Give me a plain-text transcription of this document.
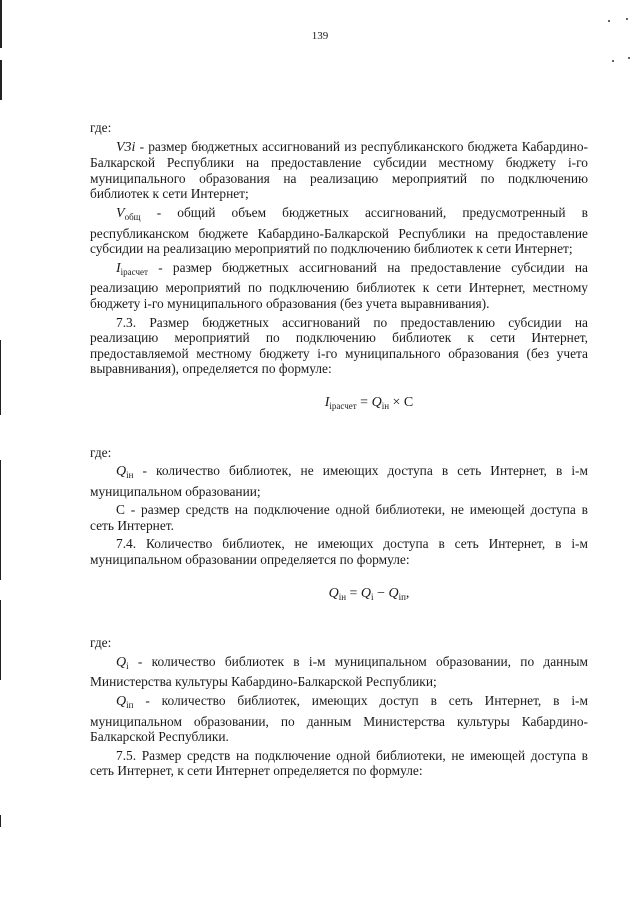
139

где:

V3i - размер бюджетных ассигнований из республиканского бюджета Кабардино-Балкарской Республики на предоставление субсидии местному бюджету i-го муниципального образования на реализацию мероприятий по подключению библиотек к сети Интернет;

$V_{общ}$ - общий объем бюджетных ассигнований, предусмотренный в республиканском бюджете Кабардино-Балкарской Республики на предоставление субсидии на реализацию мероприятий по подключению библиотек к сети Интернет;

$I_{iрасчет}$ - размер бюджетных ассигнований на предоставление субсидии на реализацию мероприятий по подключению библиотек к сети Интернет, местному бюджету i-го муниципального образования (без учета выравнивания).

7.3. Размер бюджетных ассигнований по предоставлению субсидии на реализацию мероприятий по подключению библиотек к сети Интернет, предоставляемой местному бюджету i-го муниципального образования (без учета выравнивания), определяется по формуле:

$I_{iрасчет} = Q_{iн} \times C$

где:

$Q_{iн}$ - количество библиотек, не имеющих доступа в сеть Интернет, в i-м муниципальном образовании;

С - размер средств на подключение одной библиотеки, не имеющей доступа в сеть Интернет.

7.4. Количество библиотек, не имеющих доступа в сеть Интернет, в i-м муниципальном образовании определяется по формуле:

$Q_{iн} = Q_i - Q_{iп}$,

где:

$Q_i$ - количество библиотек в i-м муниципальном образовании, по данным Министерства культуры Кабардино-Балкарской Республики;

$Q_{iп}$ - количество библиотек, имеющих доступ в сеть Интернет, в i-м муниципальном образовании, по данным Министерства культуры Кабардино-Балкарской Республики.

7.5. Размер средств на подключение одной библиотеки, не имеющей доступа в сеть Интернет, к сети Интернет определяется по формуле:
